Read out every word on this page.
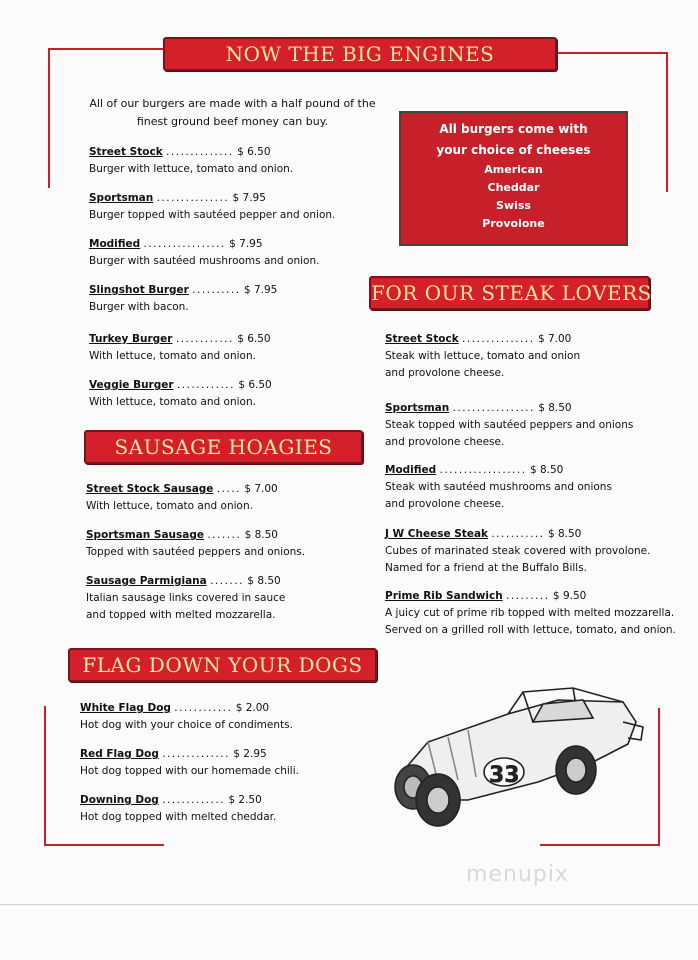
NOW THE BIG ENGINES
All of our burgers are made with a half pound of the
finest ground beef money can buy.
Street Stock .............. $ 6.50
Burger with lettuce, tomato and onion.
Sportsman ............... $ 7.95
Burger topped with sautéed pepper and onion.
Modified ................. $ 7.95
Burger with sautéed mushrooms and onion.
Slingshot Burger .......... $ 7.95
Burger with bacon.
Turkey Burger ............ $ 6.50
With lettuce, tomato and onion.
Veggie Burger ............ $ 6.50
With lettuce, tomato and onion.
All burgers come with
your choice of cheeses
American
Cheddar
Swiss
Provolone
FOR OUR STEAK LOVERS
Street Stock ............... $ 7.00
Steak with lettuce, tomato and onion
and provolone cheese.
Sportsman ................. $ 8.50
Steak topped with sautéed peppers and onions
and provolone cheese.
Modified .................. $ 8.50
Steak with sautéed mushrooms and onions
and provolone cheese.
J W Cheese Steak ........... $ 8.50
Cubes of marinated steak covered with provolone.
Named for a friend at the Buffalo Bills.
Prime Rib Sandwich ......... $ 9.50
A juicy cut of prime rib topped with melted mozzarella.
Served on a grilled roll with lettuce, tomato, and onion.
SAUSAGE HOAGIES
Street Stock Sausage ..... $ 7.00
With lettuce, tomato and onion.
Sportsman Sausage ....... $ 8.50
Topped with sautéed peppers and onions.
Sausage Parmigiana ....... $ 8.50
Italian sausage links covered in sauce
and topped with melted mozzarella.
FLAG DOWN YOUR DOGS
White Flag Dog ............ $ 2.00
Hot dog with your choice of condiments.
Red Flag Dog .............. $ 2.95
Hot dog topped with our homemade chili.
Downing Dog ............. $ 2.50
Hot dog topped with melted cheddar.
33
menupix
